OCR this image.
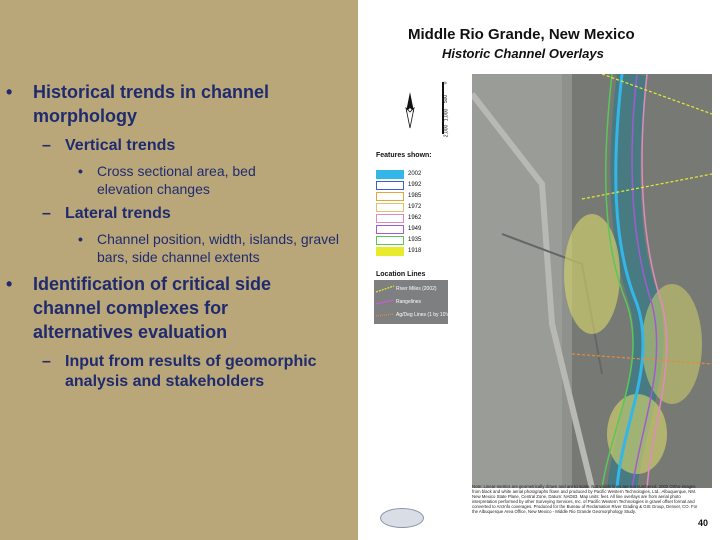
• Historical trends in channel morphology
– Vertical trends
• Cross sectional area, bed elevation changes
– Lateral trends
• Channel position, width, islands, gravel bars, side channel extents
• Identification of critical side channel complexes for alternatives evaluation
– Input from results of geomorphic analysis and stakeholders
Middle Rio Grande, New Mexico
Historic Channel Overlays
0
500
1,000
2,000
Features shown:
2002
1992
1985
1972
1962
1949
1935
1918
Location Lines
River Miles (2002)
Rangelines
Ag/Deg Lines (1 by 10's)
Note: Linear metrics are geometrically drawn and are to scale. Not visible lines are not numbered. 2002 Ortho-images from black and white aerial photographs flown and produced by Pacific Western Technologies, Ltd., Albuquerque, NM. New Mexico State Plane, Central Zone, Datum: NAD83. Map units: feet. All line overlays are from aerial photo interpretation performed by other Surveying Services, Inc. of Pacific Western Technologies in gravel offset format and converted to ArcInfo coverages. Produced for the Bureau of Reclamation River Grading & GIS Group, Denver, CO. For the Albuquerque Area Office, New Mexico - Middle Rio Grande Geomorphology Study.
40
